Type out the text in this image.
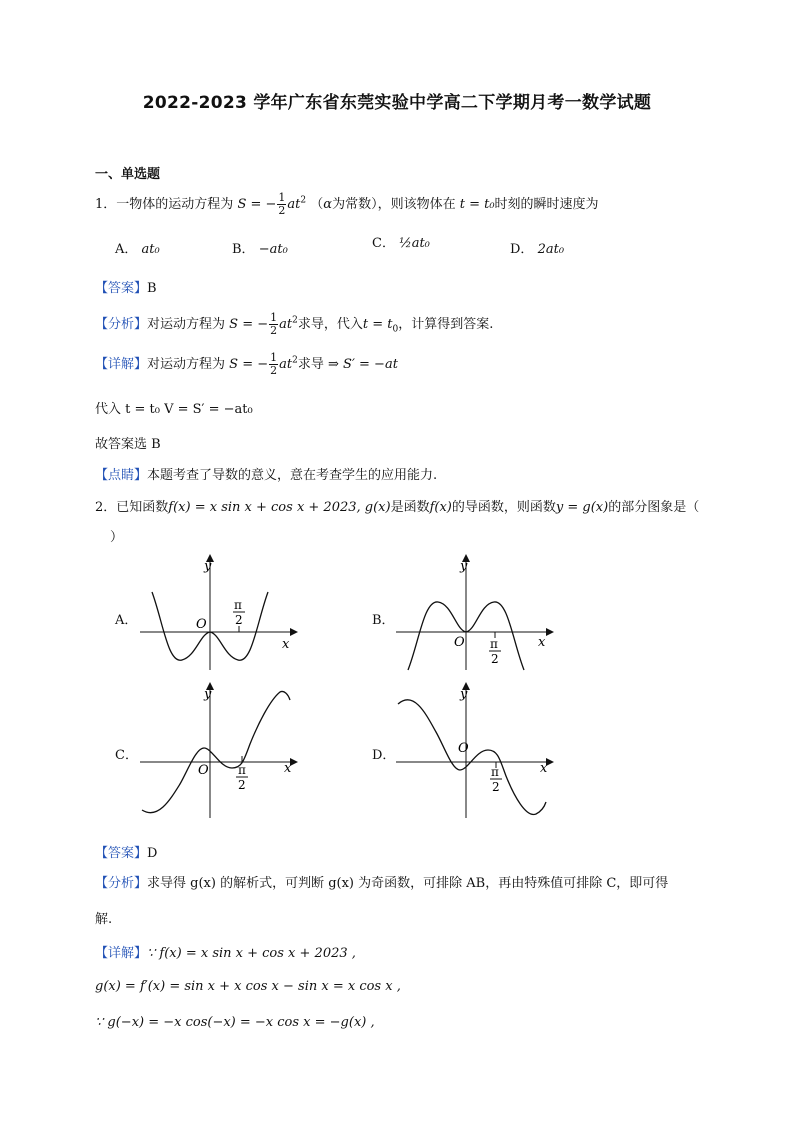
2022-2023 学年广东省东莞实验中学高二下学期月考一数学试题
一、单选题
1．一物体的运动方程为 S = − $\frac{1}{2} at^2$ （α为常数），则该物体在 t = t₀时刻的瞬时速度为
A． at₀	B． −at₀	C． ½at₀	D． 2at₀
【答案】B
【分析】对运动方程为 S = − $\frac{1}{2} at^2$求导，代入$t = t_0$，计算得到答案.
【详解】对运动方程为 S = − $\frac{1}{2} at^2$求导 ⇒ S′ = −at
代入 t = t₀ V = S′ = −at₀
故答案选 B
【点睛】本题考查了导数的意义，意在考查学生的应用能力.
2．已知函数f(x) = x sin x + cos x + 2023, g(x)是函数f(x)的导函数，则函数y = g(x)的部分图象是（
）
A．	B．
C．	D．
y
x
O
π
2
y
x
O π
2
y
x
O π
2
y
x
O
π
2
【答案】D
【分析】求导得 g(x) 的解析式，可判断 g(x) 为奇函数，可排除 AB，再由特殊值可排除 C，即可得
解.
【详解】∵ f(x) = x sin x + cos x + 2023 ,
g(x) = f′(x) = sin x + x cos x − sin x = x cos x ,
∵ g(−x) = −x cos(−x) = −x cos x = −g(x) ,
